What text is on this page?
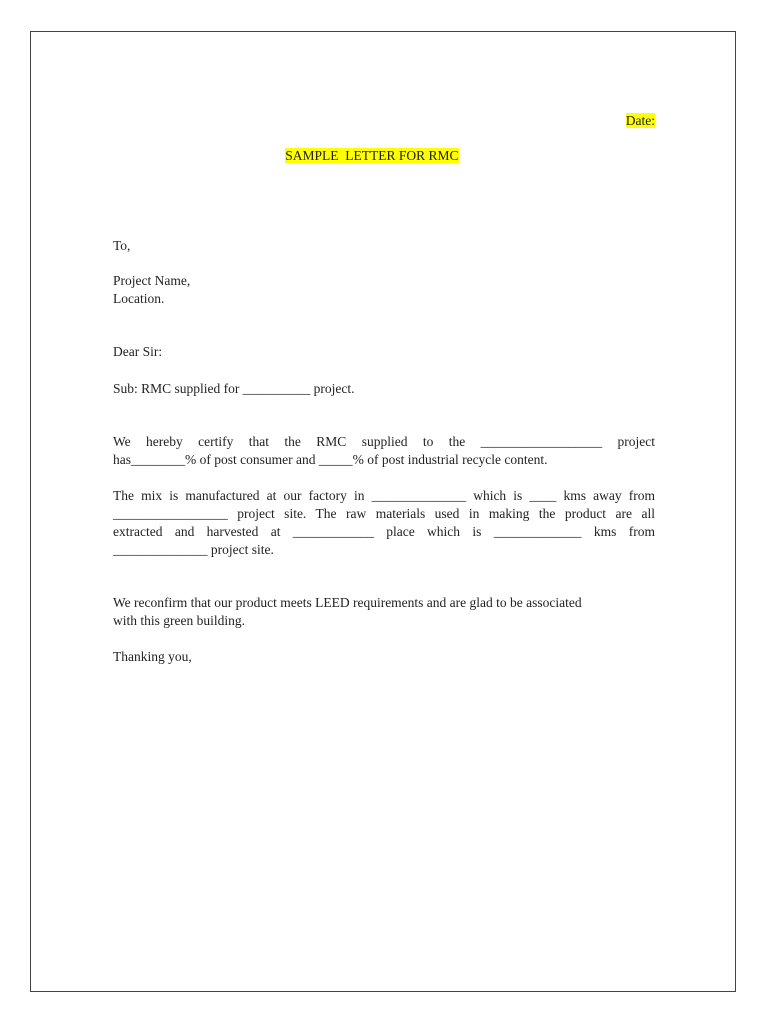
Date:

SAMPLE  LETTER FOR RMC

To,
Project Name,
Location.
Dear Sir:
Sub: RMC supplied for __________ project.
We hereby certify that the RMC supplied to the __________________ project
has________% of post consumer and _____% of post industrial recycle content.
The mix is manufactured at our factory in ______________ which is ____ kms away from
_________________ project site. The raw materials used in making the product are all
extracted and harvested at ____________ place which is _____________ kms from
______________ project site.
We reconfirm that our product meets LEED requirements and are glad to be associated
with this green building.
Thanking you,
